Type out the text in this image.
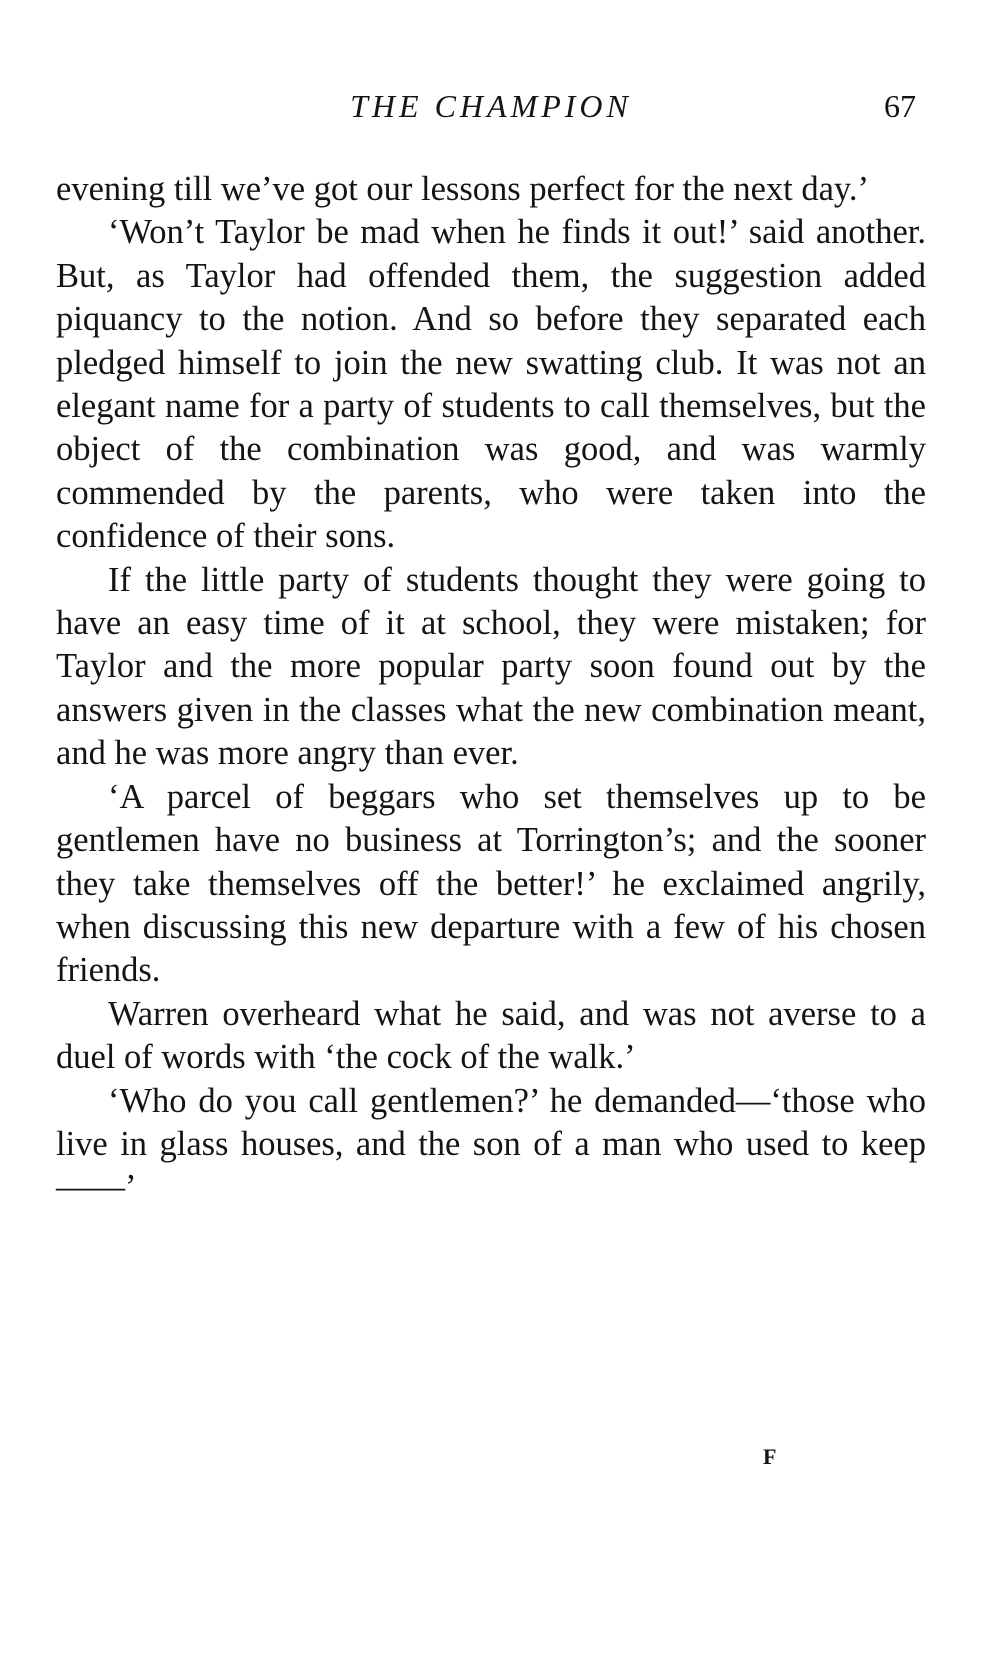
THE CHAMPION	67

evening till we’ve got our lessons perfect for the next day.’

‘Won’t Taylor be mad when he finds it out!’ said another. But, as Taylor had offended them, the suggestion added piquancy to the notion. And so before they separated each pledged himself to join the new swatting club. It was not an elegant name for a party of students to call themselves, but the object of the combination was good, and was warmly commended by the parents, who were taken into the confidence of their sons.

If the little party of students thought they were going to have an easy time of it at school, they were mistaken; for Taylor and the more popular party soon found out by the answers given in the classes what the new combination meant, and he was more angry than ever.

‘A parcel of beggars who set themselves up to be gentlemen have no business at Torrington’s; and the sooner they take themselves off the better!’ he exclaimed angrily, when discussing this new departure with a few of his chosen friends.

Warren overheard what he said, and was not averse to a duel of words with ‘the cock of the walk.’

‘Who do you call gentlemen?’ he demanded—‘those who live in glass houses, and the son of a man who used to keep——’

F
